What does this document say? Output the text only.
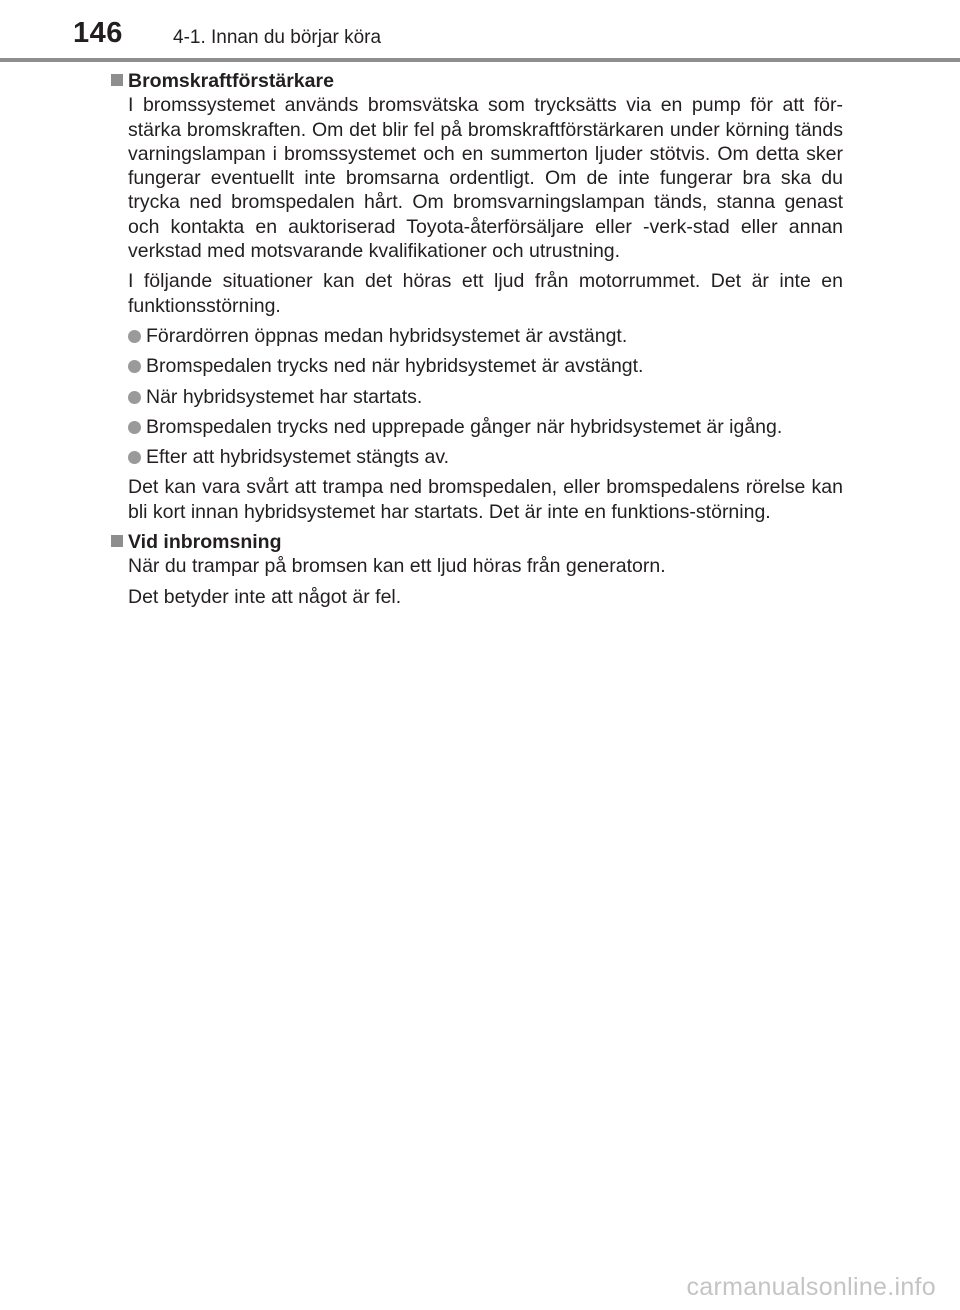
146	4-1. Innan du börjar köra
Bromskraftförstärkare

I bromssystemet används bromsvätska som trycksätts via en pump för att för-stärka bromskraften. Om det blir fel på bromskraftförstärkaren under körning tänds varningslampan i bromssystemet och en summerton ljuder stötvis. Om detta sker fungerar eventuellt inte bromsarna ordentligt. Om de inte fungerar bra ska du trycka ned bromspedalen hårt. Om bromsvarningslampan tänds, stanna genast och kontakta en auktoriserad Toyota-återförsäljare eller -verk-stad eller annan verkstad med motsvarande kvalifikationer och utrustning.

I följande situationer kan det höras ett ljud från motorrummet. Det är inte en funktionsstörning.

Förardörren öppnas medan hybridsystemet är avstängt.
Bromspedalen trycks ned när hybridsystemet är avstängt.
När hybridsystemet har startats.
Bromspedalen trycks ned upprepade gånger när hybridsystemet är igång.
Efter att hybridsystemet stängts av.

Det kan vara svårt att trampa ned bromspedalen, eller bromspedalens rörelse kan bli kort innan hybridsystemet har startats. Det är inte en funktions-störning.

Vid inbromsning

När du trampar på bromsen kan ett ljud höras från generatorn.

Det betyder inte att något är fel.

carmanualsonline.info
